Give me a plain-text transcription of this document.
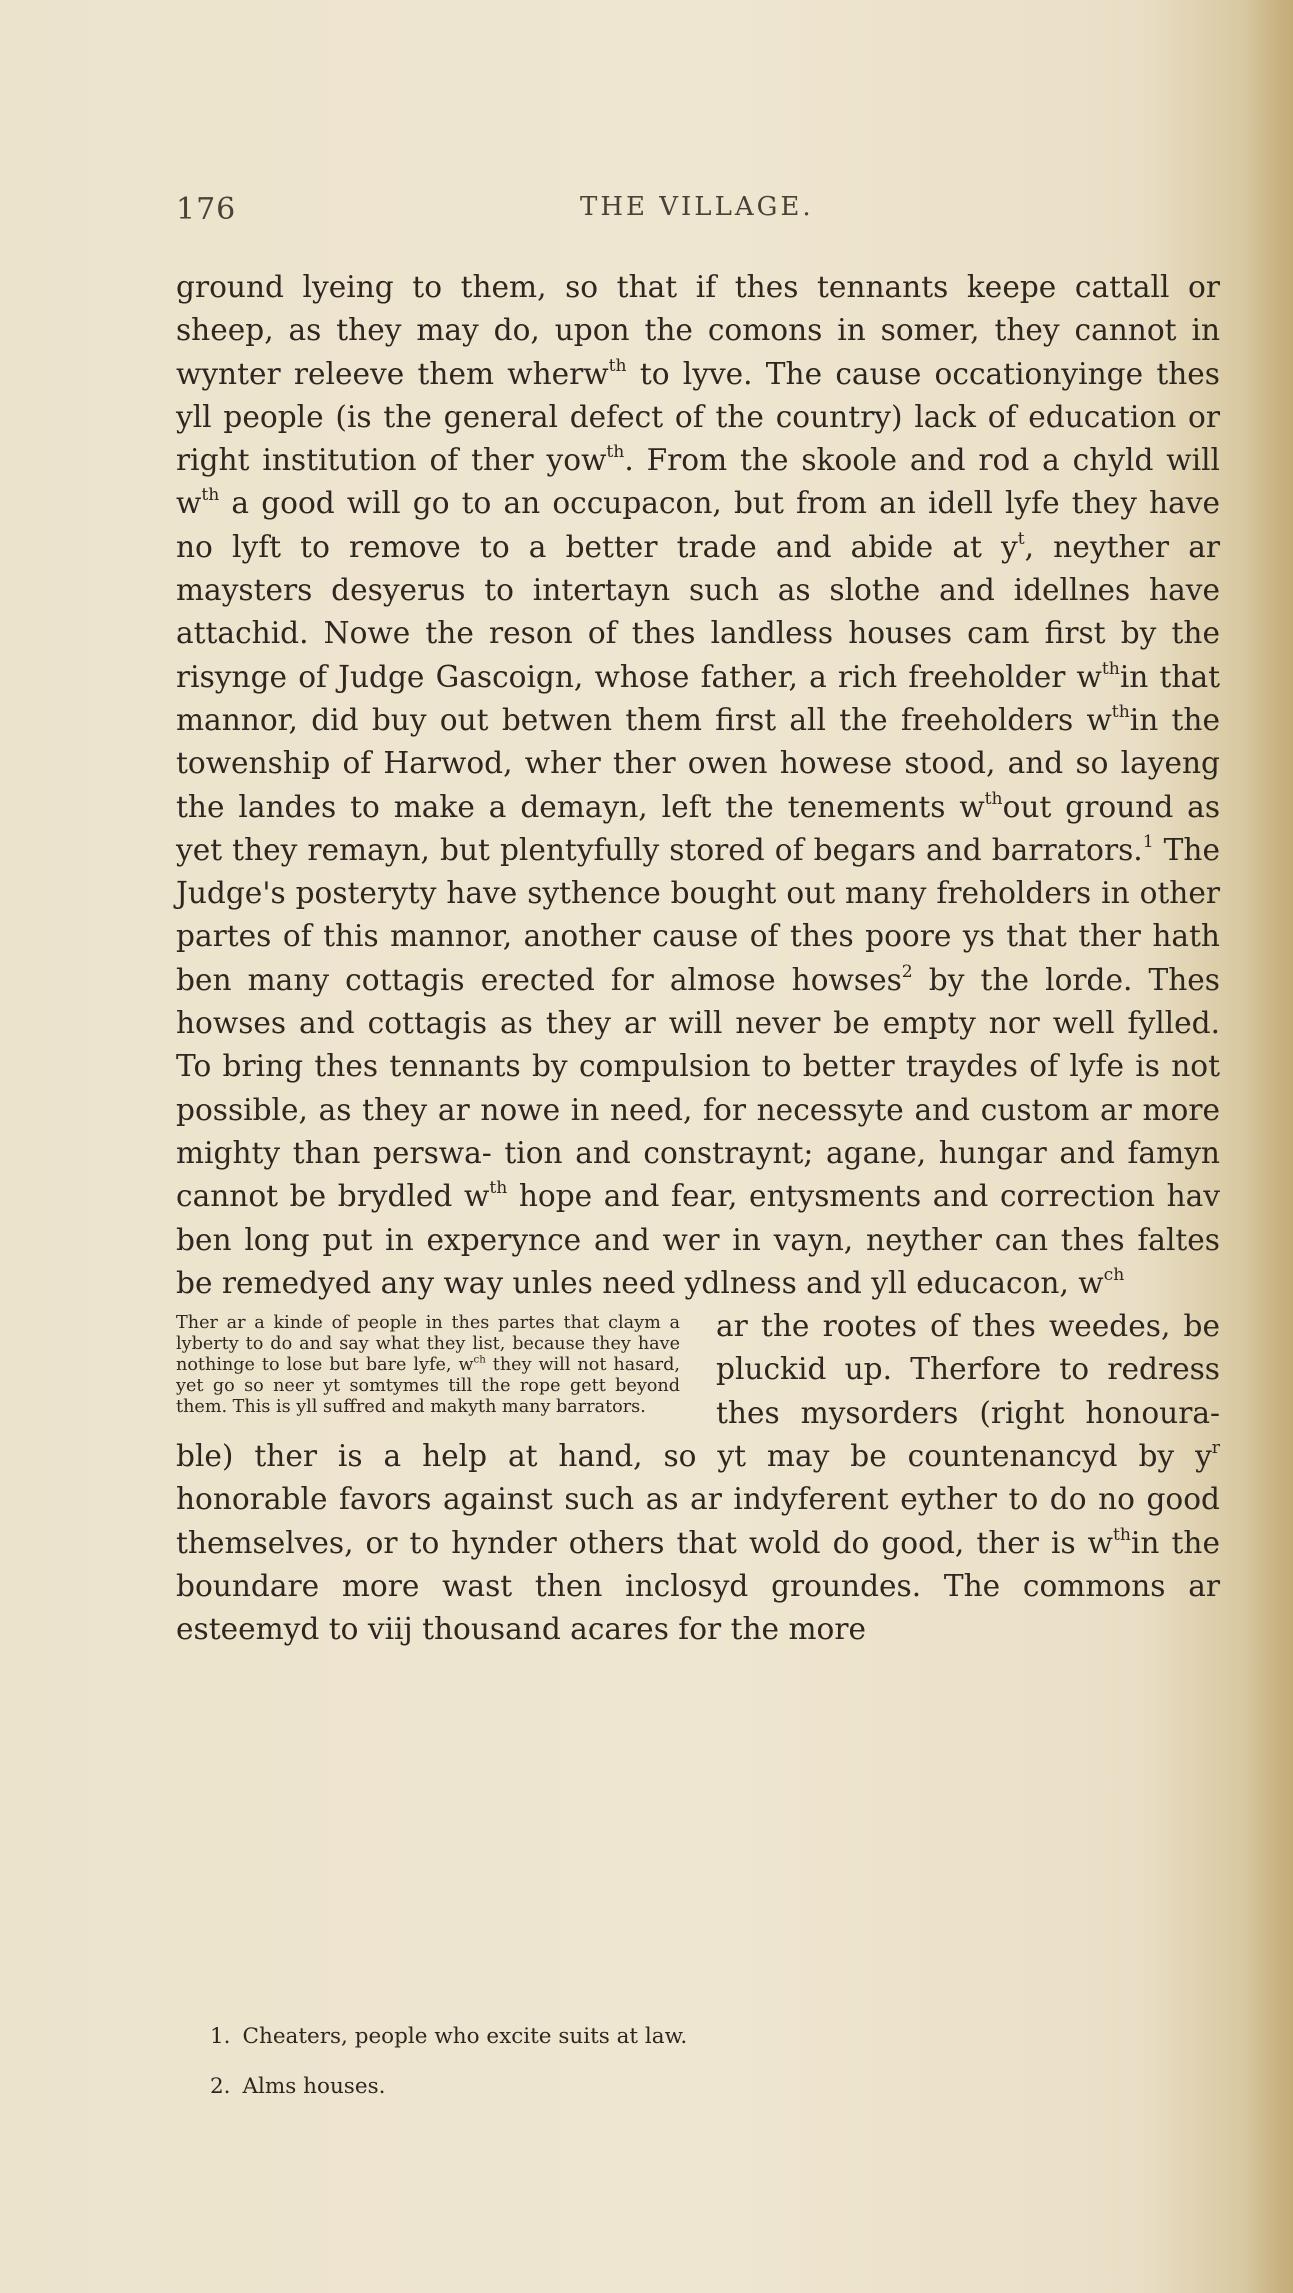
176	THE VILLAGE.

ground lyeing to them, so that if thes tennants keepe cattall or sheep, as they may do, upon the comons in somer, they cannot in wynter releeve them wherw$^{th}$ to lyve. The cause occationyinge thes yll people (is the general defect of the country) lack of education or right institution of ther yow$^{th}$. From the skoole and rod a chyld will $w^{th}$ a good will go to an occupacon, but from an idell lyfe they have no lyft to remove to a better trade and abide at $y^t$, neyther ar maysters desyerus to intertayn such as slothe and idellnes have attachid. Nowe the reson of thes landless houses cam first by the risynge of Judge Gascoign, whose father, a rich freeholder $w^{th}in$ that mannor, did buy out betwen them first all the freeholders $w^{th}in$ the towenship of Harwod, wher ther owen howese stood, and so layeng the landes to make a demayn, left the tenements $w^{th}out$ ground as yet they remayn, but plentyfully stored of begars and barrators.$^1$ The Judge's posteryty have sythence bought out many freholders in other partes of this mannor, another cause of thes poore ys that ther hath ben many cottagis erected for almose howses$^2$ by the lorde. Thes howses and cottagis as they ar will never be empty nor well fylled. To bring thes tennants by compulsion to better traydes of lyfe is not possible, as they ar nowe in need, for necessyte and custom ar more mighty than perswa- tion and constraynt; agane, hungar and famyn cannot be brydled $w^{th}$ hope and fear, entysments and correction hav ben long put in experynce and wer in vayn, neyther can thes faltes be remedyed any way unles need ydlness and yll educacon, $w^{ch}$

Ther ar a kinde of people in thes partes that claym a lyberty to do and say what they list, because they have nothinge to lose but bare lyfe, $w^{ch}$ they will not hasard, yet go so neer yt somtymes till the rope gett beyond them. This is yll suffred and makyth many barrators.

ar the rootes of thes weedes, be pluckid up. Therfore to redress thes mysorders (right honoura- ble) ther is a help at hand, so yt may be countenancyd by $y^r$ honorable favors against such as ar indyferent eyther to do no good themselves, or to hynder others that wold do good, ther is $w^{th}in$ the boundare more wast then inclosyd groundes. The commons ar esteemyd to viij thousand acares for the more

1. Cheaters, people who excite suits at law.
2. Alms houses.
